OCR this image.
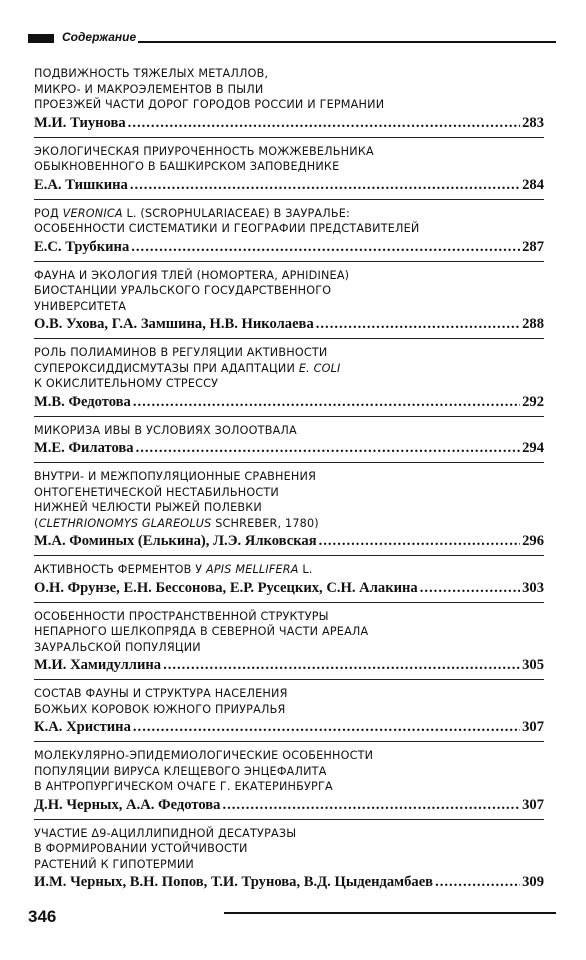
Содержание
ПОДВИЖНОСТЬ ТЯЖЕЛЫХ МЕТАЛЛОВ,
МИКРО- И МАКРОЭЛЕМЕНТОВ В ПЫЛИ
ПРОЕЗЖЕЙ ЧАСТИ ДОРОГ ГОРОДОВ РОССИИ И ГЕРМАНИИ
М.И. Тиунова .....	283
ЭКОЛОГИЧЕСКАЯ ПРИУРОЧЕННОСТЬ МОЖЖЕВЕЛЬНИКА
ОБЫКНОВЕННОГО В БАШКИРСКОМ ЗАПОВЕДНИКЕ
Е.А. Тишкина .....	284
РОД VERONICA L. (SCROPHULARIACEAE) В ЗАУРАЛЬЕ:
ОСОБЕННОСТИ СИСТЕМАТИКИ И ГЕОГРАФИИ ПРЕДСТАВИТЕЛЕЙ
Е.С. Трубкина .....	287
ФАУНА И ЭКОЛОГИЯ ТЛЕЙ (HOMOPTERA, APHIDINEA)
БИОСТАНЦИИ УРАЛЬСКОГО ГОСУДАРСТВЕННОГО
УНИВЕРСИТЕТА
О.В. Ухова, Г.А. Замшина, Н.В. Николаева .....	288
РОЛЬ ПОЛИАМИНОВ В РЕГУЛЯЦИИ АКТИВНОСТИ
СУПЕРОКСИДДИСМУТАЗЫ ПРИ АДАПТАЦИИ E. COLI
К ОКИСЛИТЕЛЬНОМУ СТРЕССУ
М.В. Федотова .....	292
МИКОРИЗА ИВЫ В УСЛОВИЯХ ЗОЛООТВАЛА
М.Е. Филатова .....	294
ВНУТРИ- И МЕЖПОПУЛЯЦИОННЫЕ СРАВНЕНИЯ
ОНТОГЕНЕТИЧЕСКОЙ НЕСТАБИЛЬНОСТИ
НИЖНЕЙ ЧЕЛЮСТИ РЫЖЕЙ ПОЛЕВКИ
(CLETHRIONOMYS GLAREOLUS SCHREBER, 1780)
М.А. Фоминых (Елькина), Л.Э. Ялковская .....	296
АКТИВНОСТЬ ФЕРМЕНТОВ У APIS MELLIFERA L.
О.Н. Фрунзе, Е.Н. Бессонова, Е.Р. Русецких, С.Н. Алакина .....	303
ОСОБЕННОСТИ ПРОСТРАНСТВЕННОЙ СТРУКТУРЫ
НЕПАРНОГО ШЕЛКОПРЯДА В СЕВЕРНОЙ ЧАСТИ АРЕАЛА
ЗАУРАЛЬСКОЙ ПОПУЛЯЦИИ
М.И. Хамидуллина .....	305
СОСТАВ ФАУНЫ И СТРУКТУРА НАСЕЛЕНИЯ
БОЖЬИХ КОРОВОК ЮЖНОГО ПРИУРАЛЬЯ
К.А. Христина .....	307
МОЛЕКУЛЯРНО-ЭПИДЕМИОЛОГИЧЕСКИЕ ОСОБЕННОСТИ
ПОПУЛЯЦИИ ВИРУСА КЛЕЩЕВОГО ЭНЦЕФАЛИТА
В АНТРОПУРГИЧЕСКОМ ОЧАГЕ Г. ЕКАТЕРИНБУРГА
Д.Н. Черных, А.А. Федотова .....	307
УЧАСТИЕ Δ9-АЦИЛЛИПИДНОЙ ДЕСАТУРАЗЫ
В ФОРМИРОВАНИИ УСТОЙЧИВОСТИ
РАСТЕНИЙ К ГИПОТЕРМИИ
И.М. Черных, В.Н. Попов, Т.И. Трунова, В.Д. Цыдендамбаев .....	309
346
